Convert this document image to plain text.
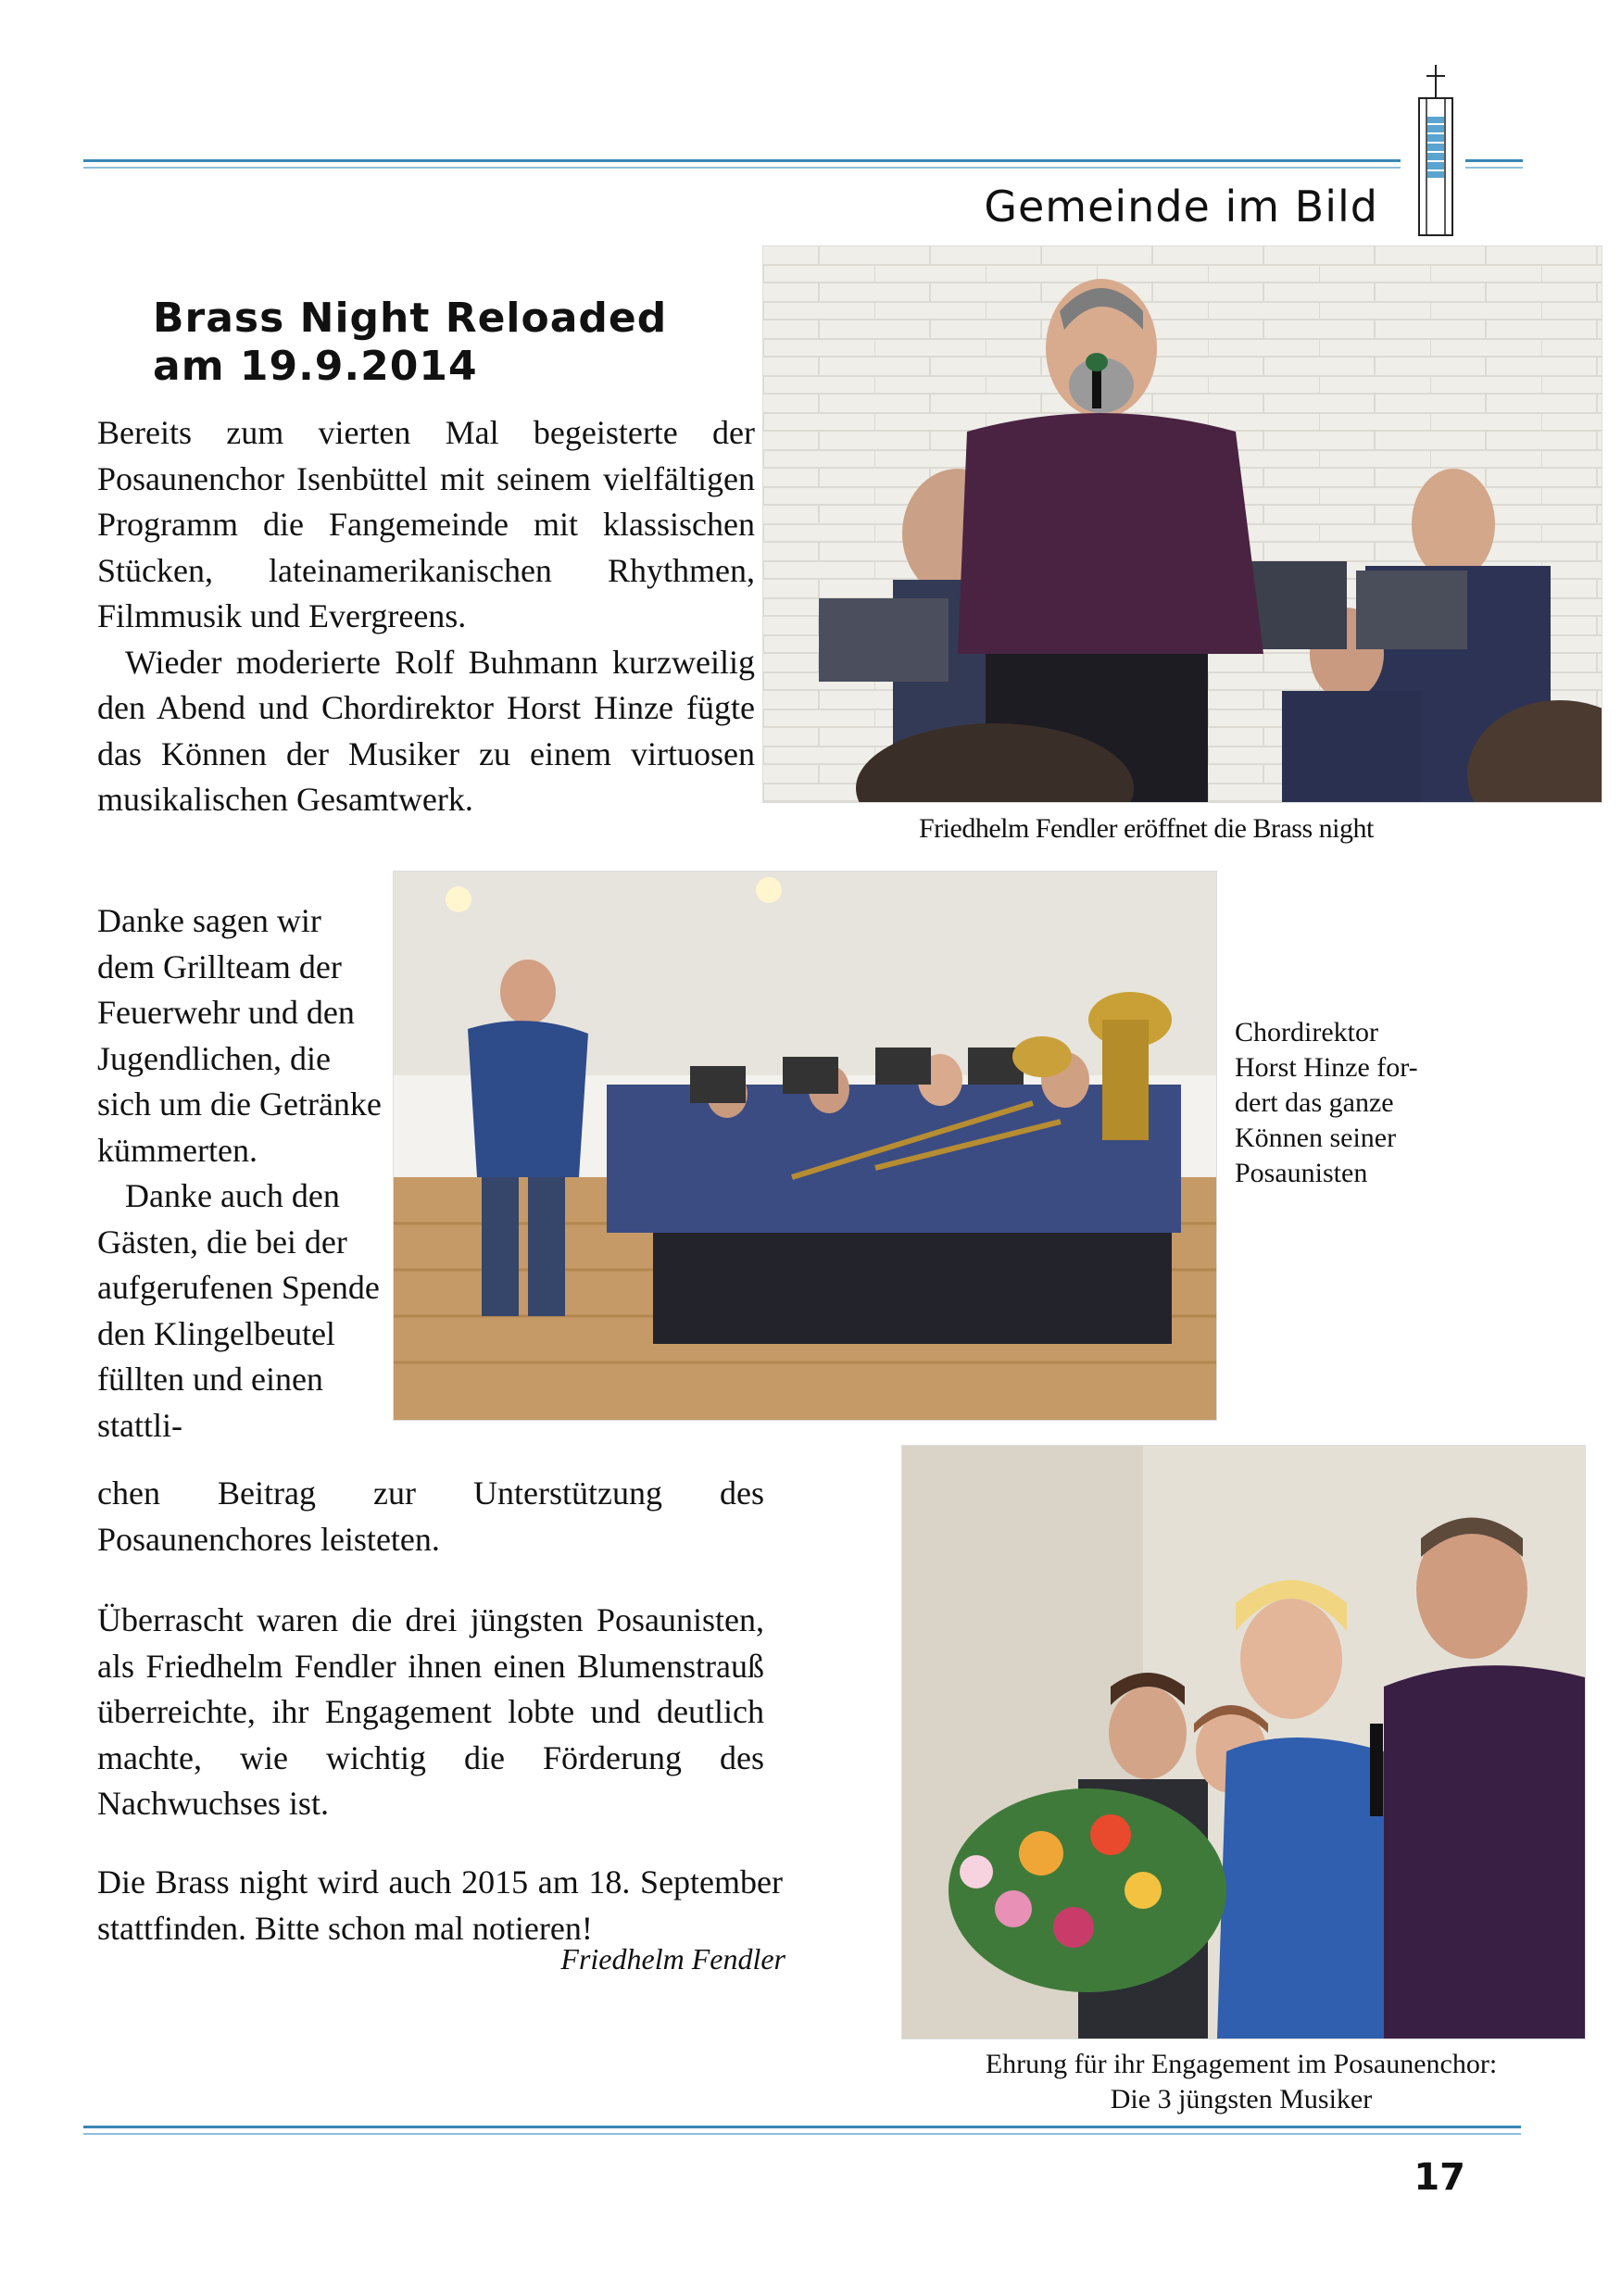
Gemeinde im Bild
Brass Night Reloaded
am 19.9.2014

Bereits zum vierten Mal begeisterte der Posaunenchor Isenbüttel mit seinem vielfältigen Programm die Fangemeinde mit klassischen Stücken, lateinamerikanischen Rhythmen, Filmmusik und Evergreens.

Wieder moderierte Rolf Buhmann kurzweilig den Abend und Chordirektor Horst Hinze fügte das Können der Musiker zu einem virtuosen musikalischen Gesamtwerk.

Danke sagen wir dem Grillteam der Feuerwehr und den Jugendlichen, die sich um die Getränke kümmerten.

Danke auch den Gästen, die bei der aufgerufenen Spende den Klingelbeutel füllten und einen stattli-

chen Beitrag zur Unterstützung des Posaunenchores leisteten.

Überrascht waren die drei jüngsten Posaunisten, als Friedhelm Fendler ihnen einen Blumenstrauß überreichte, ihr Engagement lobte und deutlich machte, wie wichtig die Förderung des Nachwuchses ist.

Die Brass night wird auch 2015 am 18. September stattfinden. Bitte schon mal notieren!

Friedhelm Fendler
Friedhelm Fendler eröffnet die Brass night
Chordirektor
Horst Hinze for-
dert das ganze
Können seiner
Posaunisten
Ehrung für ihr Engagement im Posaunenchor:
Die 3 jüngsten Musiker
17
